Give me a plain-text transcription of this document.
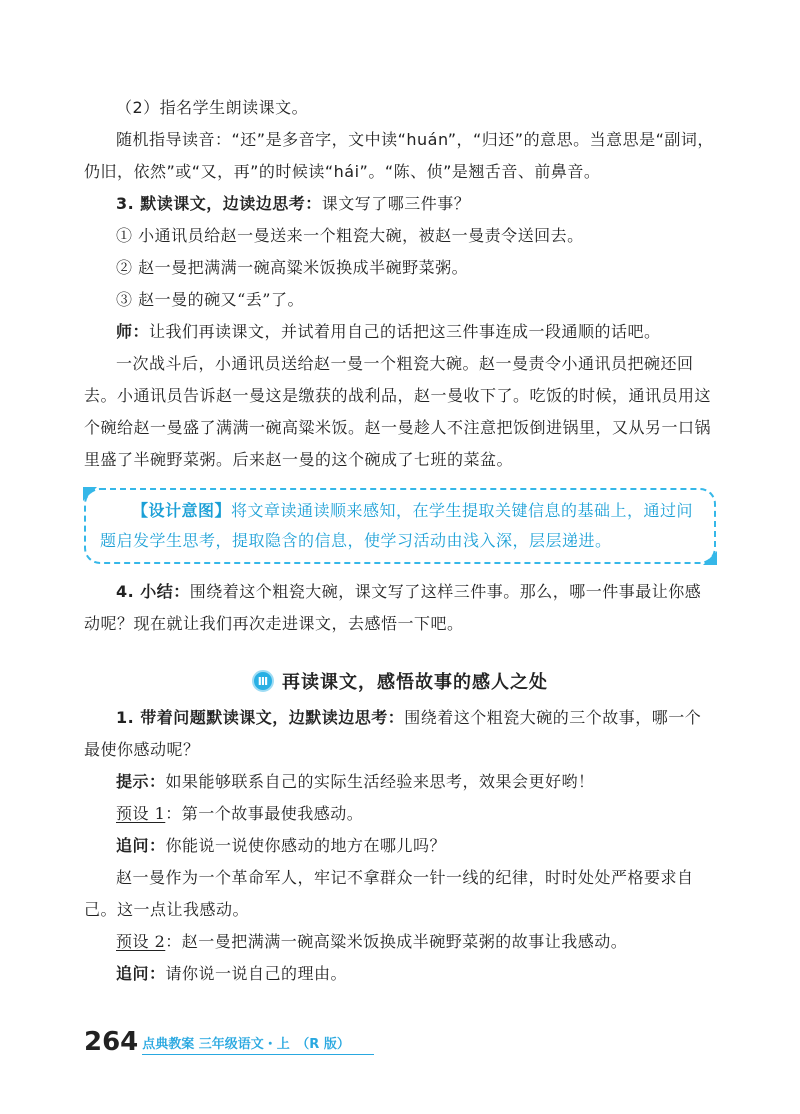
（2）指名学生朗读课文。

随机指导读音：“还”是多音字，文中读“huán”，“归还”的意思。当意思是“副词，仍旧，依然”或“又，再”的时候读“hái”。“陈、侦”是翘舌音、前鼻音。

3. 默读课文，边读边思考：课文写了哪三件事？

① 小通讯员给赵一曼送来一个粗瓷大碗，被赵一曼责令送回去。

② 赵一曼把满满一碗高粱米饭换成半碗野菜粥。

③ 赵一曼的碗又“丢”了。

师：让我们再读课文，并试着用自己的话把这三件事连成一段通顺的话吧。

一次战斗后，小通讯员送给赵一曼一个粗瓷大碗。赵一曼责令小通讯员把碗还回去。小通讯员告诉赵一曼这是缴获的战利品，赵一曼收下了。吃饭的时候，通讯员用这个碗给赵一曼盛了满满一碗高粱米饭。赵一曼趁人不注意把饭倒进锅里，又从另一口锅里盛了半碗野菜粥。后来赵一曼的这个碗成了七班的菜盆。

【设计意图】将文章读通读顺来感知，在学生提取关键信息的基础上，通过问题启发学生思考，提取隐含的信息，使学习活动由浅入深，层层递进。

4. 小结：围绕着这个粗瓷大碗，课文写了这样三件事。那么，哪一件事最让你感动呢？现在就让我们再次走进课文，去感悟一下吧。

Ⅲ 再读课文，感悟故事的感人之处

1. 带着问题默读课文，边默读边思考：围绕着这个粗瓷大碗的三个故事，哪一个最使你感动呢？

提示：如果能够联系自己的实际生活经验来思考，效果会更好哟！

预设 1：第一个故事最使我感动。

追问：你能说一说使你感动的地方在哪儿吗？

赵一曼作为一个革命军人，牢记不拿群众一针一线的纪律，时时处处严格要求自己。这一点让我感动。

预设 2：赵一曼把满满一碗高粱米饭换成半碗野菜粥的故事让我感动。

追问：请你说一说自己的理由。

264 点典教案 三年级语文・上　（R 版）
